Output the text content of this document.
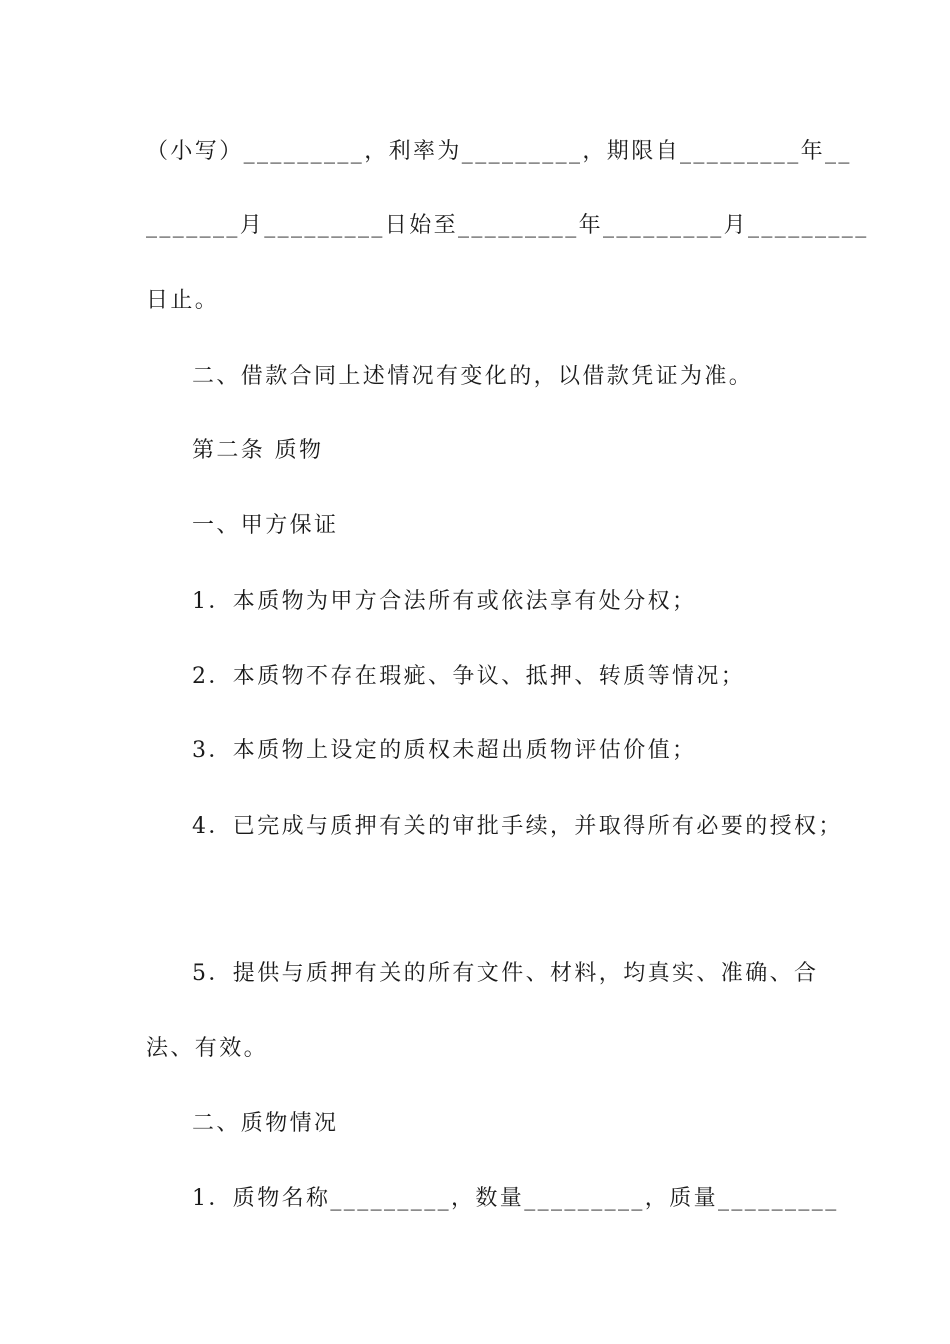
（小写）_________，利率为_________，期限自_________年__
_______月_________日始至_________年_________月_________
日止。
二、借款合同上述情况有变化的，以借款凭证为准。
第二条 质物
一、甲方保证
1．本质物为甲方合法所有或依法享有处分权；
2．本质物不存在瑕疵、争议、抵押、转质等情况；
3．本质物上设定的质权未超出质物评估价值；
4．已完成与质押有关的审批手续，并取得所有必要的授权；
5．提供与质押有关的所有文件、材料，均真实、准确、合
法、有效。
二、质物情况
1．质物名称_________，数量_________，质量_________
